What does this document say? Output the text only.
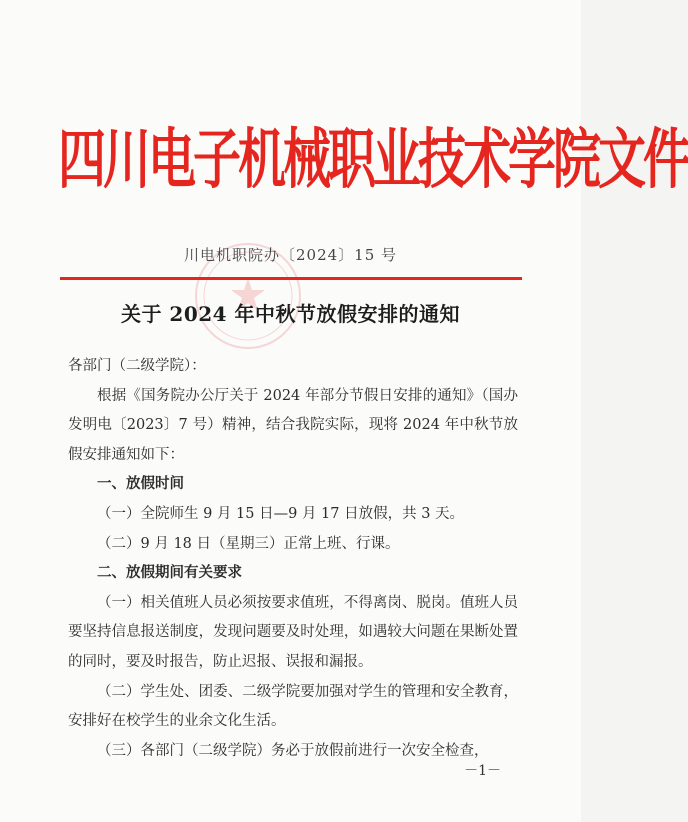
四川电子机械职业技术学院文件
川电机职院办〔2024〕15 号
关于 2024 年中秋节放假安排的通知

各部门（二级学院）：

根据《国务院办公厅关于 2024 年部分节假日安排的通知》（国办发明电〔2023〕7 号）精神，结合我院实际，现将 2024 年中秋节放假安排通知如下：

一、放假时间

（一）全院师生 9 月 15 日—9 月 17 日放假，共 3 天。

（二）9 月 18 日（星期三）正常上班、行课。

二、放假期间有关要求

（一）相关值班人员必须按要求值班，不得离岗、脱岗。值班人员要坚持信息报送制度，发现问题要及时处理，如遇较大问题在果断处置的同时，要及时报告，防止迟报、误报和漏报。

（二）学生处、团委、二级学院要加强对学生的管理和安全教育，安排好在校学生的业余文化生活。

（三）各部门（二级学院）务必于放假前进行一次安全检查，

－1－
